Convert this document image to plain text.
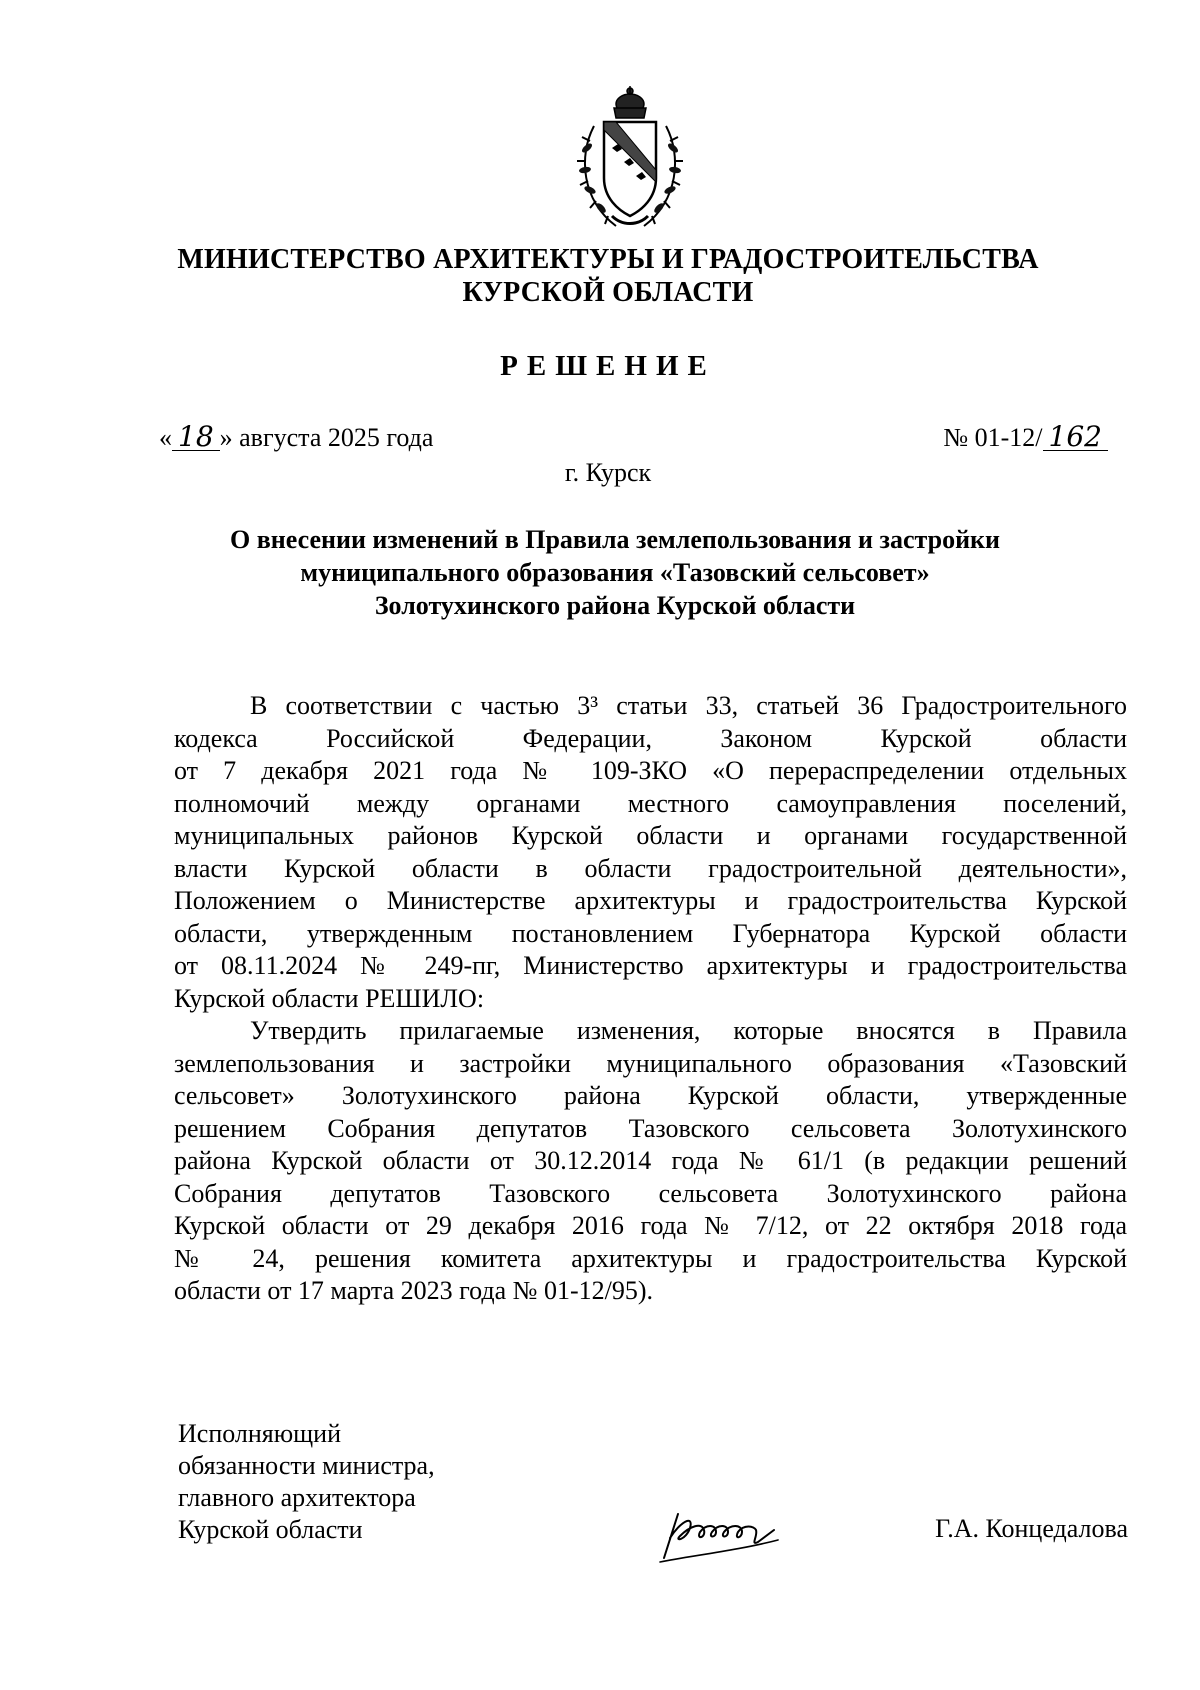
МИНИСТЕРСТВО АРХИТЕКТУРЫ И ГРАДОСТРОИТЕЛЬСТВА
КУРСКОЙ ОБЛАСТИ
РЕШЕНИЕ
« 18 » августа 2025 года	№ 01-12/ 162
г. Курск
О внесении изменений в Правила землепользования и застройки
муниципального образования «Тазовский сельсовет»
Золотухинского района Курской области
В соответствии с частью 3³ статьи 33, статьей 36 Градостроительного
кодекса Российской Федерации, Законом Курской области
от 7 декабря 2021 года № 109-ЗКО «О перераспределении отдельных
полномочий между органами местного самоуправления поселений,
муниципальных районов Курской области и органами государственной
власти Курской области в области градостроительной деятельности»,
Положением о Министерстве архитектуры и градостроительства Курской
области, утвержденным постановлением Губернатора Курской области
от 08.11.2024 № 249-пг, Министерство архитектуры и градостроительства
Курской области РЕШИЛО:
Утвердить прилагаемые изменения, которые вносятся в Правила
землепользования и застройки муниципального образования «Тазовский
сельсовет» Золотухинского района Курской области, утвержденные
решением Собрания депутатов Тазовского сельсовета Золотухинского
района Курской области от 30.12.2014 года № 61/1 (в редакции решений
Собрания депутатов Тазовского сельсовета Золотухинского района
Курской области от 29 декабря 2016 года № 7/12, от 22 октября 2018 года
№ 24, решения комитета архитектуры и градостроительства Курской
области от 17 марта 2023 года № 01-12/95).
Исполняющий
обязанности министра,
главного архитектора
Курской области	Г.А. Концедалова
